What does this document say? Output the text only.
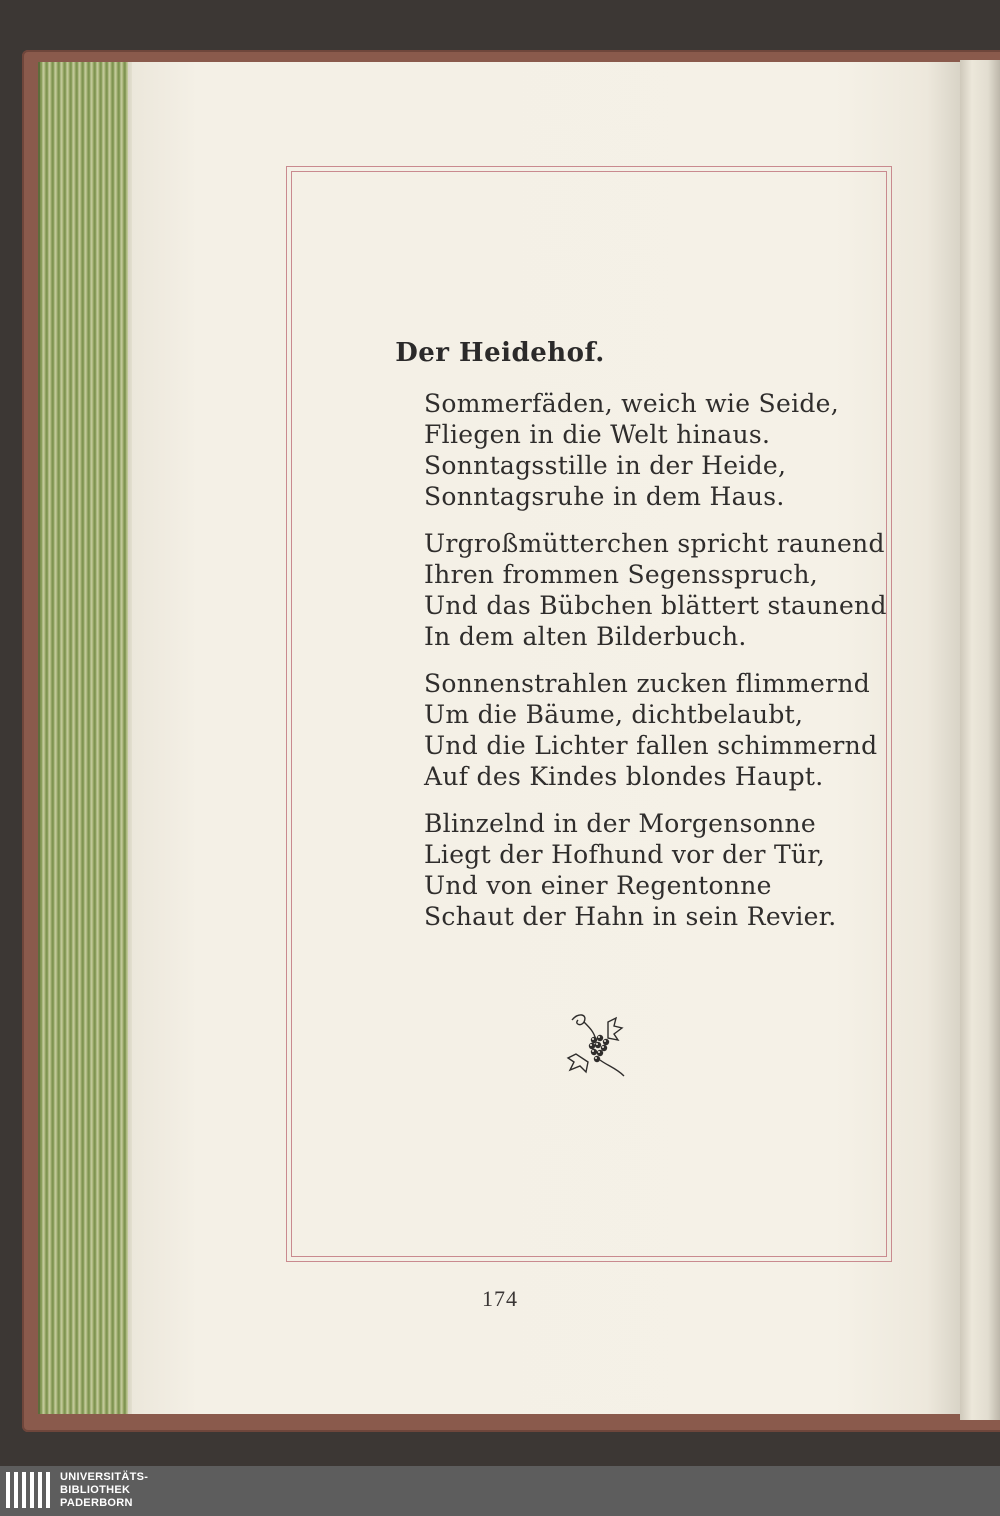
Der Heidehof.
Sommerfäden, weich wie Seide,
Fliegen in die Welt hinaus.
Sonntagsstille in der Heide,
Sonntagsruhe in dem Haus.
Urgroßmütterchen spricht raunend
Ihren frommen Segensspruch,
Und das Bübchen blättert staunend
In dem alten Bilderbuch.
Sonnenstrahlen zucken flimmernd
Um die Bäume, dichtbelaubt,
Und die Lichter fallen schimmernd
Auf des Kindes blondes Haupt.
Blinzelnd in der Morgensonne
Liegt der Hofhund vor der Tür,
Und von einer Regentonne
Schaut der Hahn in sein Revier.
174
UNIVERSITÄTS-
BIBLIOTHEK
PADERBORN
